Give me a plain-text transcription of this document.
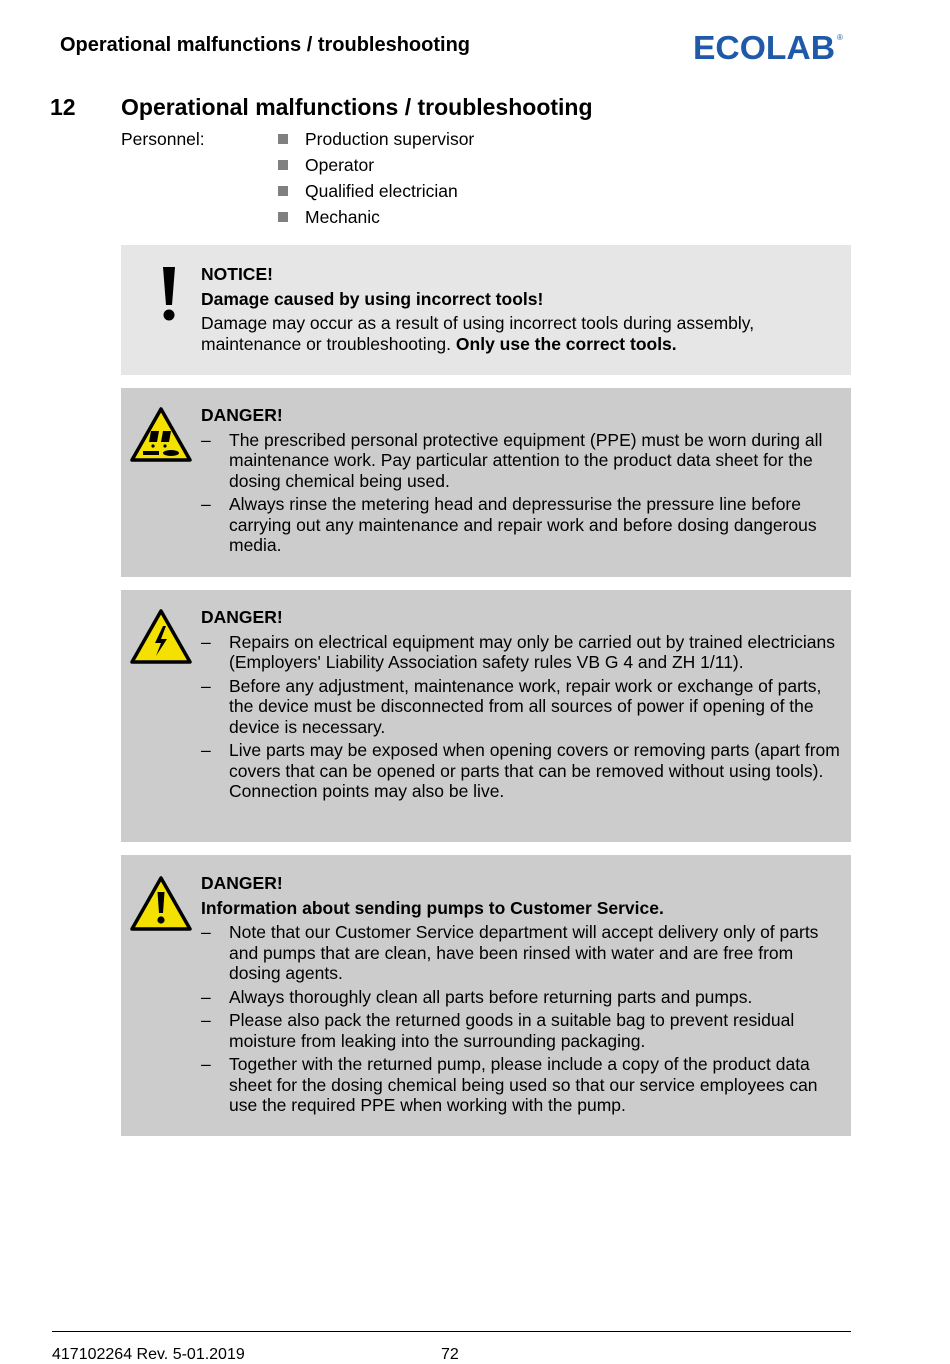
Operational malfunctions / troubleshooting	ECOLAB ®
12 Operational malfunctions / troubleshooting
Personnel:	Production supervisor
Operator
Qualified electrician
Mechanic
NOTICE!
Damage caused by using incorrect tools!

Damage may occur as a result of using incorrect tools during assembly, maintenance or troubleshooting. Only use the correct tools.

DANGER!
–	The prescribed personal protective equipment (PPE) must be worn during all maintenance work. Pay particular attention to the product data sheet for the dosing chemical being used.
–	Always rinse the metering head and depressurise the pressure line before carrying out any maintenance and repair work and before dosing dangerous media.
DANGER!
–	Repairs on electrical equipment may only be carried out by trained electricians (Employers' Liability Association safety rules VB G 4 and ZH 1/11).
–	Before any adjustment, maintenance work, repair work or exchange of parts, the device must be disconnected from all sources of power if opening of the device is necessary.
–	Live parts may be exposed when opening covers or removing parts (apart from covers that can be opened or parts that can be removed without using tools). Connection points may also be live.
DANGER!
Information about sending pumps to Customer Service.
–	Note that our Customer Service department will accept delivery only of parts and pumps that are clean, have been rinsed with water and are free from dosing agents.
–	Always thoroughly clean all parts before returning parts and pumps.
–	Please also pack the returned goods in a suitable bag to prevent residual moisture from leaking into the surrounding packaging.
–	Together with the returned pump, please include a copy of the product data sheet for the dosing chemical being used so that our service employees can use the required PPE when working with the pump.
417102264 Rev. 5-01.2019	72
